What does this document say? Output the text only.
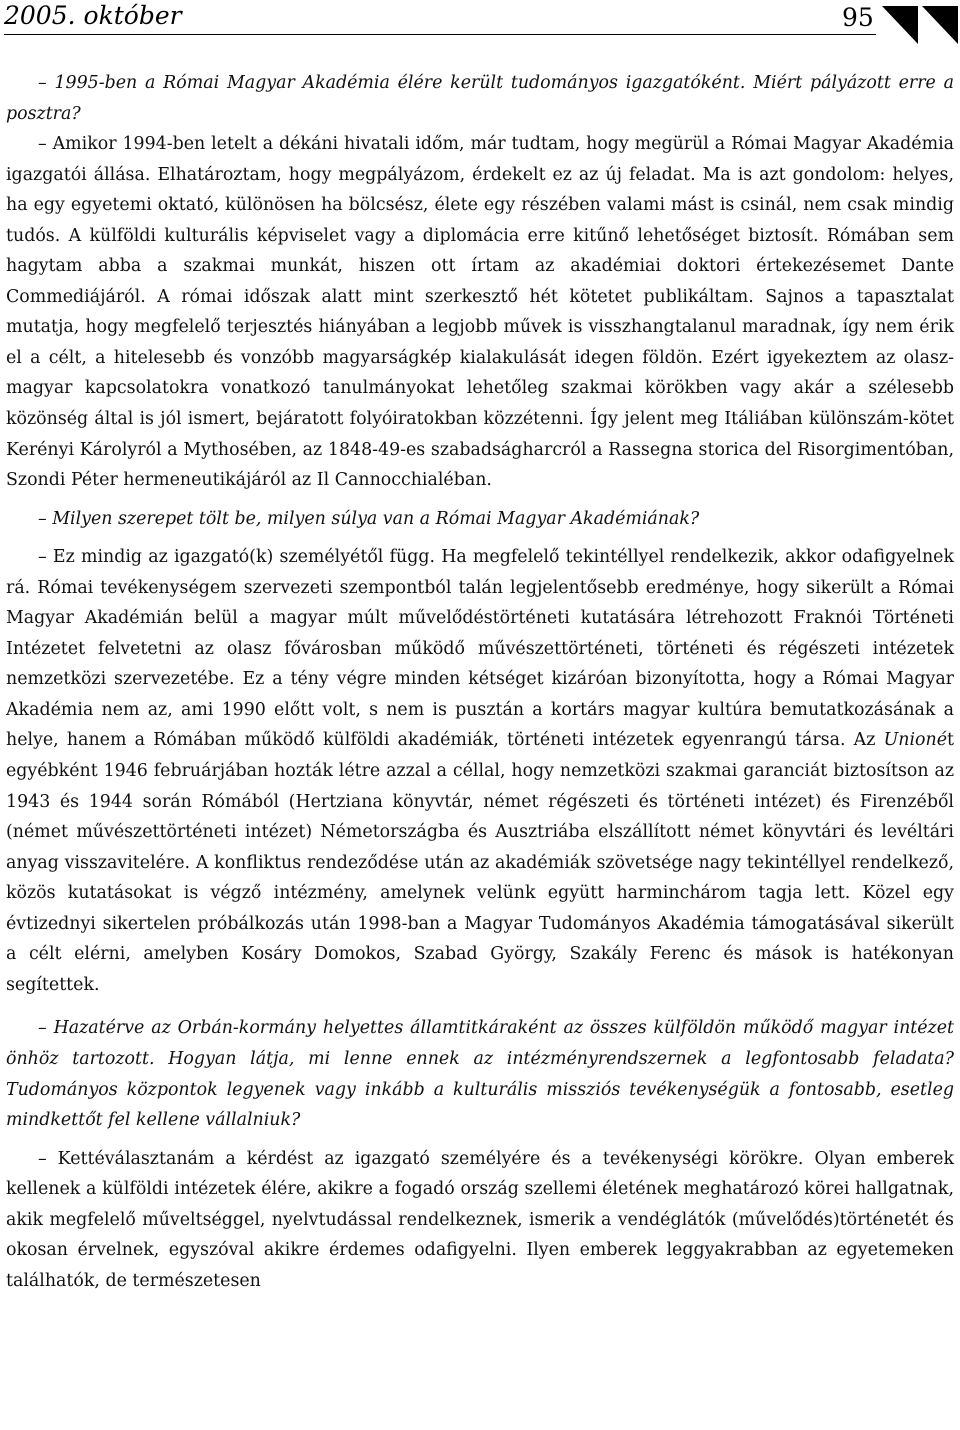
2005. október	95

– 1995-ben a Római Magyar Akadémia élére került tudományos igazgatóként. Miért pályázott erre a posztra?

– Amikor 1994-ben letelt a dékáni hivatali időm, már tudtam, hogy megürül a Római Magyar Akadémia igazgatói állása. Elhatároztam, hogy megpályázom, érdekelt ez az új feladat. Ma is azt gondolom: helyes, ha egy egyetemi oktató, különösen ha bölcsész, élete egy részében valami mást is csinál, nem csak mindig tudós. A külföldi kulturális képviselet vagy a diplomácia erre kitűnő lehetőséget biztosít. Rómában sem hagytam abba a szakmai munkát, hiszen ott írtam az akadémiai doktori értekezésemet Dante Commediájáról. A római időszak alatt mint szerkesztő hét kötetet publikáltam. Sajnos a tapasztalat mutatja, hogy megfelelő terjesztés hiányában a legjobb művek is visszhangtalanul maradnak, így nem érik el a célt, a hitelesebb és vonzóbb magyarságkép kialakulását idegen földön. Ezért igyekeztem az olasz-magyar kapcsolatokra vonatkozó tanulmányokat lehetőleg szakmai körökben vagy akár a szélesebb közönség által is jól ismert, bejáratott folyóiratokban közzétenni. Így jelent meg Itáliában különszám-kötet Kerényi Károlyról a Mythosében, az 1848-49-es szabadságharcról a Rassegna storica del Risorgimentóban, Szondi Péter hermeneutikájáról az Il Cannocchialéban.

– Milyen szerepet tölt be, milyen súlya van a Római Magyar Akadémiának?

– Ez mindig az igazgató(k) személyétől függ. Ha megfelelő tekintéllyel rendelkezik, akkor odafigyelnek rá. Római tevékenységem szervezeti szempontból talán legjelentősebb eredménye, hogy sikerült a Római Magyar Akadémián belül a magyar múlt művelődéstörténeti kutatására létrehozott Fraknói Történeti Intézetet felvetetni az olasz fővárosban működő művészettörténeti, történeti és régészeti intézetek nemzetközi szervezetébe. Ez a tény végre minden kétséget kizáróan bizonyította, hogy a Római Magyar Akadémia nem az, ami 1990 előtt volt, s nem is pusztán a kortárs magyar kultúra bemutatkozásának a helye, hanem a Rómában működő külföldi akadémiák, történeti intézetek egyenrangú társa. Az Unionét egyébként 1946 februárjában hozták létre azzal a céllal, hogy nemzetközi szakmai garanciát biztosítson az 1943 és 1944 során Rómából (Hertziana könyvtár, német régészeti és történeti intézet) és Firenzéből (német művészettörténeti intézet) Németországba és Ausztriába elszállított német könyvtári és levéltári anyag visszavitelére. A konfliktus rendeződése után az akadémiák szövetsége nagy tekintéllyel rendelkező, közös kutatásokat is végző intézmény, amelynek velünk együtt harminchárom tagja lett. Közel egy évtizednyi sikertelen próbálkozás után 1998-ban a Magyar Tudományos Akadémia támogatásával sikerült a célt elérni, amelyben Kosáry Domokos, Szabad György, Szakály Ferenc és mások is hatékonyan segítettek.

– Hazatérve az Orbán-kormány helyettes államtitkáraként az összes külföldön működő magyar intézet önhöz tartozott. Hogyan látja, mi lenne ennek az intézményrendszernek a legfontosabb feladata? Tudományos központok legyenek vagy inkább a kulturális missziós tevékenységük a fontosabb, esetleg mindkettőt fel kellene vállalniuk?

– Kettéválasztanám a kérdést az igazgató személyére és a tevékenységi körökre. Olyan emberek kellenek a külföldi intézetek élére, akikre a fogadó ország szellemi életének meghatározó körei hallgatnak, akik megfelelő műveltséggel, nyelvtudással rendelkeznek, ismerik a vendéglátók (művelődés)történetét és okosan érvelnek, egyszóval akikre érdemes odafigyelni. Ilyen emberek leggyakrabban az egyetemeken találhatók, de természetesen
